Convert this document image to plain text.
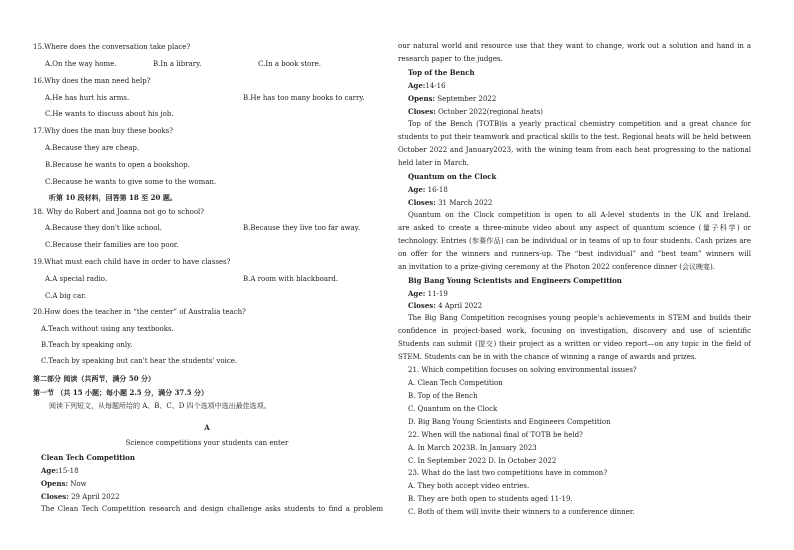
15.Where does the conversation take place?
A.On the way home.	B.In a library.	C.In a book store.
16.Why does the man need help?
A.He has hurt his arms.	B.He has too many books to carry.
C.He wants to discuss about his job.
17.Why does the man buy these books?
A.Because they are cheap.
B.Because he wants to open a bookshop.
C.Because he wants to give some to the woman.
听第 10 段材料，回答第 18 至 20 题。
18. Why do Robert and Joanna not go to school?
A.Because they don't like school.	B.Because they live too far away.
C.Because their families are too poor.
19.What must each child have in order to have classes?
A.A special radio.	B.A room with blackboard.
C.A big car.
20.How does the teacher in “the center” of Australia teach?
A.Teach without using any textbooks.
B.Teach by speaking only.
C.Teach by speaking but can't hear the students' voice.
第二部分 阅读（共两节，满分 50 分）
第一节 （共 15 小题；每小题 2.5 分，满分 37.5 分）
阅读下列短文，从每题所给的 A、B、C、D 四个选项中选出最佳选项。
A
Science competitions your students can enter
Clean Tech Competition
Age:15-18
Opens: Now
Closes: 29 April 2022
The Clean Tech Competition research and design challenge asks students to find a problem
our natural world and resource use that they want to change, work out a solution and hand in a
research paper to the judges.
Top of the Bench
Age:14-16
Opens: September 2022
Closes: October 2022(regional heats)
Top of the Bench (TOTB)is a yearly practical chemistry competition and a great chance for
students to put their teamwork and practical skills to the test. Regional heats will be held between
October 2022 and January2023, with the wining team from each heat progressing to the national
held later in March.
Quantum on the Clock
Age: 16-18
Closes: 31 March 2022
Quantum on the Clock competition is open to all A-level students in the UK and Ireland.
are asked to create a three-minute video about any aspect of quantum science (量子科学) or
technology. Entries (参赛作品) can be individual or in teams of up to four students. Cash prizes are
on offer for the winners and runners-up. The “best individual” and “best team” winners will
an invitation to a prize-giving ceremony at the Photon 2022 conference dinner (会议晚宴).
Big Bang Young Scientists and Engineers Competition
Age: 11-19
Closes: 4 April 2022
The Big Bang Competition recognises young people's achievements in STEM and builds their
confidence in project-based work, focusing on investigation, discovery and use of scientific
Students can submit (提交) their project as a written or video report—on any topic in the field of
STEM. Students can be in with the chance of winning a range of awards and prizes.
21. Which competition focuses on solving environmental issues?
A. Clean Tech Competition
B. Top of the Bench
C. Quantum on the Clock
D. Big Bang Young Scientists and Engineers Competition
22. When will the national final of TOTB be held?
A. In March 2023B. In January 2023
C. In September 2022 D. In October 2022
23. What do the last two competitions have in common?
A. They both accept video entries.
B. They are both open to students aged 11-19.
C. Both of them will invite their winners to a conference dinner.
